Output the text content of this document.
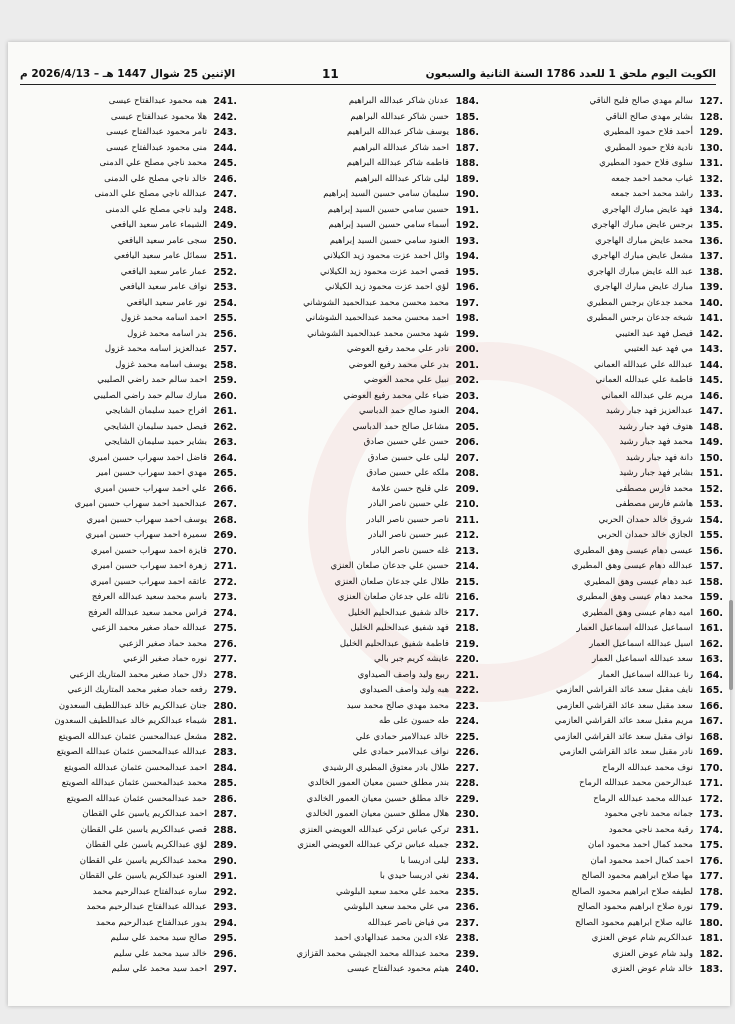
الكويت اليوم ملحق 1 للعدد 1786 السنة الثانية والسبعون
11
الإثنين 25 شوال 1447 هـ – 2026/4/13 م
127.
سالم مهدي صالح فليح الناقي
128.
بشاير مهدي صالح الناقي
129.
أحمد فلاح حمود المطيري
130.
نادية فلاح حمود المطيري
131.
سلوى فلاح حمود المطيري
132.
غياب محمد احمد جمعه
133.
راشد محمد احمد جمعه
134.
فهد عايض مبارك الهاجري
135.
برجس عايض مبارك الهاجري
136.
محمد عايض مبارك الهاجري
137.
مشعل عايض مبارك الهاجري
138.
عبد الله عايض مبارك الهاجري
139.
مبارك عايض مبارك الهاجري
140.
محمد جدعان برجس المطيري
141.
شيخه جدعان برجس المطيري
142.
فيصل فهد عيد العتيبي
143.
مي فهد عيد العتيبي
144.
عبدالله علي عبدالله العماني
145.
فاطمة علي عبدالله العماني
146.
مريم علي عبدالله العماني
147.
عبدالعزيز فهد جبار رشيد
148.
هتوف فهد جبار رشيد
149.
محمد فهد جبار رشيد
150.
دانة فهد جبار رشيد
151.
بشاير فهد جبار رشيد
152.
محمد فارس مصطفى
153.
هاشم فارس مصطفى
154.
شروق خالد حمدان الحربي
155.
الجازي خالد حمدان الحربي
156.
عيسى دهام عيسى وهق المطيري
157.
عبدالله دهام عيسى وهق المطيري
158.
عبد دهام عيسى وهق المطيري
159.
محمد دهام عيسى وهق المطيري
160.
اميه دهام عيسى وهق المطيري
161.
اسماعيل عبدالله اسماعيل العمار
162.
اسيل عبدالله اسماعيل العمار
163.
سعد عبدالله اسماعيل العمار
164.
رنا عبدالله اسماعيل العمار
165.
نايف مقبل سعد عائد القراشي العازمي
166.
سعد مقبل سعد عائد القراشي العازمي
167.
مريم مقبل سعد عائد القراشي العازمي
168.
نواف مقبل سعد عائد القراشي العازمي
169.
نادر مقبل سعد عائد القراشي العازمي
170.
نوف محمد عبدالله الرماح
171.
عبدالرحمن محمد عبدالله الرماح
172.
عبدالله محمد عبدالله الرماح
173.
جمانه محمد ناجي محمود
174.
رقية محمد ناجي محمود
175.
محمد كمال احمد محمود امان
176.
احمد كمال احمد محمود امان
177.
مها صلاح ابراهيم محمود الصالح
178.
لطيفه صلاح ابراهيم محمود الصالح
179.
نورة صلاح ابراهيم محمود الصالح
180.
عاليه صلاح ابراهيم محمود الصالح
181.
عبدالكريم شام عوض العنزي
182.
وليد شام عوض العنزي
183.
خالد شام عوض العنزي
184.
عدنان شاكر عبدالله البراهيم
185.
حسن شاكر عبدالله البراهيم
186.
يوسف شاكر عبدالله البراهيم
187.
احمد شاكر عبدالله البراهيم
188.
فاطمه شاكر عبدالله البراهيم
189.
ليلى شاكر عبدالله البراهيم
190.
سليمان سامي حسين السيد إبراهيم
191.
حسين سامي حسين السيد إبراهيم
192.
أسماء سامي حسين السيد إبراهيم
193.
العنود سامي حسين السيد إبراهيم
194.
وائل احمد عزت محمود زيد الكيلاني
195.
قصي احمد عزت محمود زيد الكيلاني
196.
لؤي احمد عزت محمود زيد الكيلاني
197.
محمد محسن محمد عبدالحميد الشوشاني
198.
احمد محسن محمد عبدالحميد الشوشاني
199.
شهد محسن محمد عبدالحميد الشوشاني
200.
نادر علي محمد رفيع العوضي
201.
بدر علي محمد رفيع العوضي
202.
نبيل علي محمد العوضي
203.
ضياء علي محمد رفيع العوضي
204.
العنود صالح حمد الدباسي
205.
مشاعل صالح حمد الدباسي
206.
حسن علي حسين صادق
207.
ليلى علي حسين صادق
208.
ملكه علي حسين صادق
209.
علي فليح حسن علامة
210.
علي حسين ناصر البادر
211.
ناصر حسين ناصر البادر
212.
عبير حسين ناصر البادر
213.
غله حسين ناصر البادر
214.
حسين علي جدعان صلعان العنزي
215.
طلال علي جدعان صلعان العنزي
216.
نائله علي جدعان صلعان العنزي
217.
خالد شفيق عبدالحليم الخليل
218.
فهد شفيق عبدالحليم الخليل
219.
فاطمة شفيق عبدالحليم الخليل
220.
عايشه كريم جبر بالي
221.
ربيع وليد واصف الصيداوي
222.
هبه وليد واصف الصيداوي
223.
محمد مهدي صالح محمد سيد
224.
طه حسون على طه
225.
خالد عبدالامير حمادي علي
226.
نواف عبدالامير حمادي علي
227.
طلال بادر معتوق المطيري الرشيدي
228.
بندر مطلق حسين معيان العمور الخالدي
229.
خالد مطلق حسين معيان العمور الخالدي
230.
هلال مطلق حسين معيان العمور الخالدي
231.
تركي عباس تركي عبدالله العويضي العنزي
232.
جميله عباس تركي عبدالله العويضي العنزي
233.
ليلى ادريسا با
234.
نغي ادريسا حيدي با
235.
محمد علي محمد سعيد البلوشي
236.
مي علي محمد سعيد البلوشي
237.
مي فياض ناصر عبدالله
238.
علاء الدين محمد عبدالهادي احمد
239.
محمد عبدالله محمد الجيشي محمد القزازي
240.
هيثم محمود عبدالفتاح عيسى
241.
هبه محمود عبدالفتاح عيسى
242.
هلا محمود عبدالفتاح عيسى
243.
تامر محمود عبدالفتاح عيسى
244.
منى محمود عبدالفتاح عيسى
245.
محمد ناجي مصلح علي الدمنى
246.
خالد ناجي مصلح علي الدمنى
247.
عبدالله ناجي مصلح علي الدمنى
248.
وليد ناجي مصلح علي الدمنى
249.
الشيماء عامر سعيد اليافعي
250.
سجى عامر سعيد اليافعي
251.
سمائل عامر سعيد اليافعي
252.
عمار عامر سعيد اليافعي
253.
نواف عامر سعيد اليافعي
254.
نور عامر سعيد اليافعي
255.
احمد اسامه محمد غزول
256.
بدر اسامه محمد غزول
257.
عبدالعزيز اسامه محمد غزول
258.
يوسف اسامه محمد غزول
259.
احمد سالم حمد راضي الصليبي
260.
مبارك سالم حمد راضي الصليبي
261.
افراح حميد سليمان الشايجي
262.
فيصل حميد سليمان الشايجي
263.
بشاير حميد سليمان الشايجي
264.
فاضل احمد سهراب حسين اميري
265.
مهدي احمد سهراب حسين امير
266.
علي احمد سهراب حسين اميري
267.
عبدالحميد احمد سهراب حسين اميري
268.
يوسف احمد سهراب حسين اميري
269.
سميرة احمد سهراب حسين اميري
270.
فايزة احمد سهراب حسين اميري
271.
زهرة احمد سهراب حسين اميري
272.
عاتقه احمد سهراب حسين اميري
273.
باسم محمد سعيد عبدالله العرفج
274.
فراس محمد سعيد عبدالله العرفج
275.
عبدالله حماد صغير محمد الزعبي
276.
محمد حماد صغير الزعبي
277.
نوره حماد صغير الزعبي
278.
دلال حماد صغير محمد المتاريك الزعبي
279.
رفعه حماد صغير محمد المتاريك الزعبي
280.
جنان عبدالكريم خالد عبداللطيف السعدون
281.
شيماء عبدالكريم خالد عبداللطيف السعدون
282.
مشعل عبدالمحسن عثمان عبدالله الصويتع
283.
عبدالله عبدالمحسن عثمان عبدالله الصويتع
284.
احمد عبدالمحسن عثمان عبدالله الصويتع
285.
محمد عبدالمحسن عثمان عبدالله الصويتع
286.
حمد عبدالمحسن عثمان عبدالله الصويتع
287.
احمد عبدالكريم ياسين علي القطان
288.
قصي عبدالكريم ياسين علي القطان
289.
لؤي عبدالكريم ياسين علي القطان
290.
محمد عبدالكريم ياسين علي القطان
291.
العنود عبدالكريم ياسين علي القطان
292.
ساره عبدالفتاح عبدالرحيم محمد
293.
عبدالله عبدالفتاح عبدالرحيم محمد
294.
بدور عبدالفتاح عبدالرحيم محمد
295.
صالح سيد محمد علي سليم
296.
خالد سيد محمد علي سليم
297.
احمد سيد محمد علي سليم
